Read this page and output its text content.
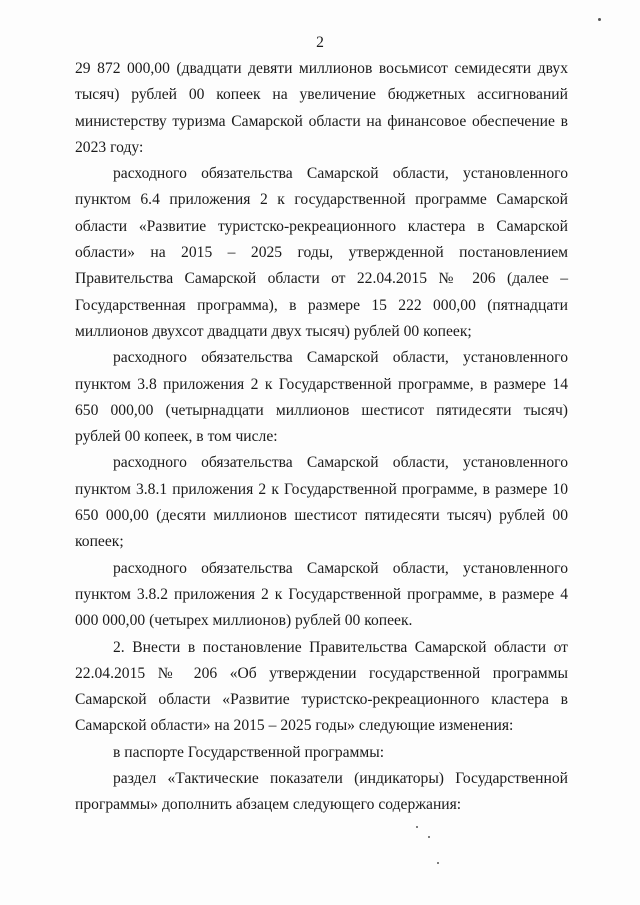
2

29 872 000,00 (двадцати девяти миллионов восьмисот семидесяти двух тысяч) рублей 00 копеек на увеличение бюджетных ассигнований министерству туризма Самарской области на финансовое обеспечение в 2023 году:

расходного обязательства Самарской области, установленного пунктом 6.4 приложения 2 к государственной программе Самарской области «Развитие туристско-рекреационного кластера в Самарской области» на 2015 – 2025 годы, утвержденной постановлением Правительства Самарской области от 22.04.2015 № 206 (далее – Государственная программа), в размере 15 222 000,00 (пятнадцати миллионов двухсот двадцати двух тысяч) рублей 00 копеек;

расходного обязательства Самарской области, установленного пунктом 3.8 приложения 2 к Государственной программе, в размере 14 650 000,00 (четырнадцати миллионов шестисот пятидесяти тысяч) рублей 00 копеек, в том числе:

расходного обязательства Самарской области, установленного пунктом 3.8.1 приложения 2 к Государственной программе, в размере 10 650 000,00 (десяти миллионов шестисот пятидесяти тысяч) рублей 00 копеек;

расходного обязательства Самарской области, установленного пунктом 3.8.2 приложения 2 к Государственной программе, в размере 4 000 000,00 (четырех миллионов) рублей 00 копеек.

2. Внести в постановление Правительства Самарской области от 22.04.2015 № 206 «Об утверждении государственной программы Самарской области «Развитие туристско-рекреационного кластера в Самарской области» на 2015 – 2025 годы» следующие изменения:

в паспорте Государственной программы:

раздел «Тактические показатели (индикаторы) Государственной программы» дополнить абзацем следующего содержания:
